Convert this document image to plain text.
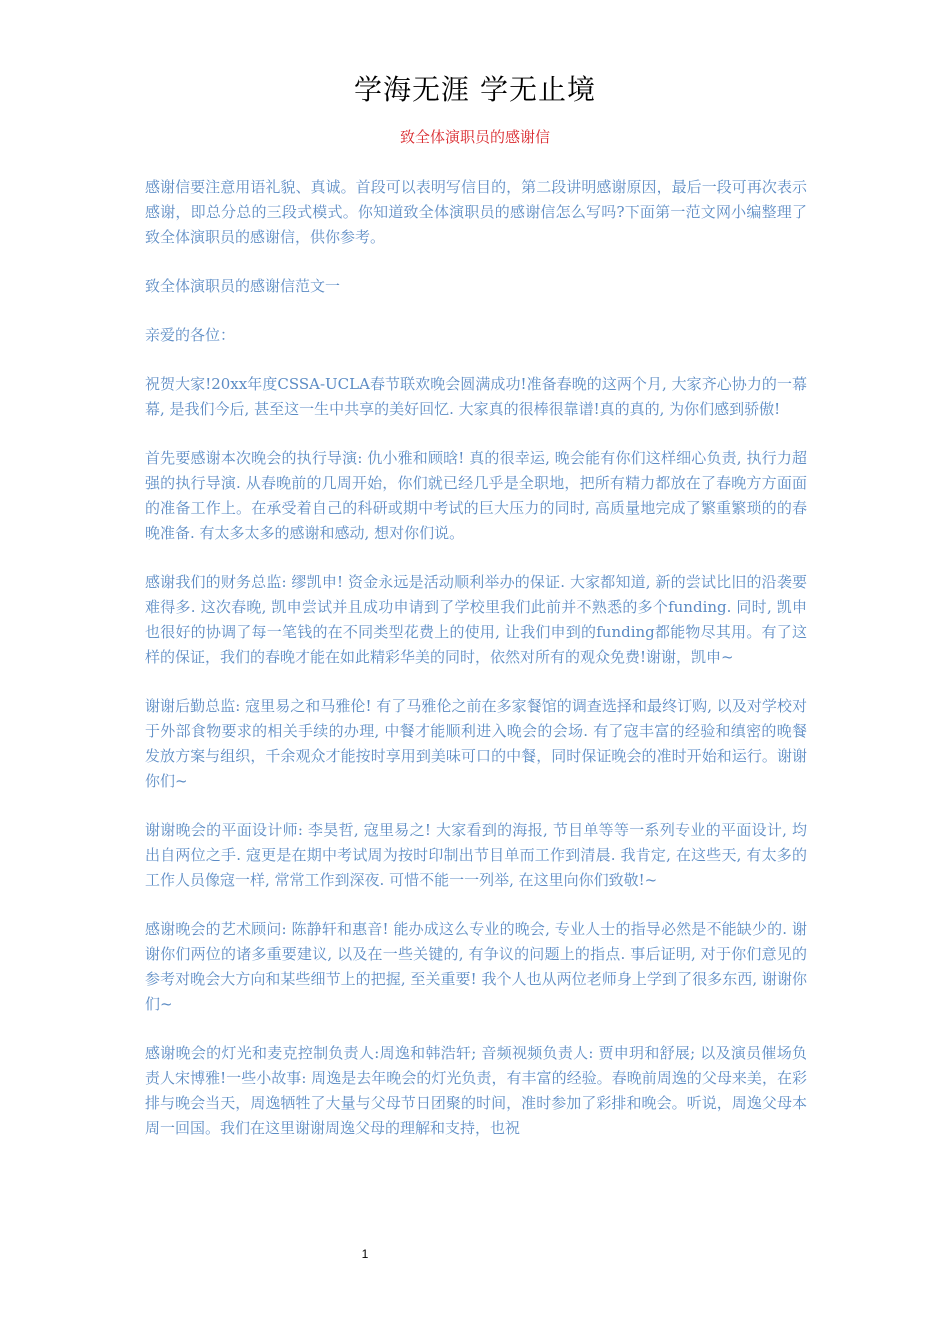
学海无涯 学无止境
致全体演职员的感谢信

感谢信要注意用语礼貌、真诚。首段可以表明写信目的，第二段讲明感谢原因，最后一段可再次表示感谢，即总分总的三段式模式。你知道致全体演职员的感谢信怎么写吗?下面第一范文网小编整理了致全体演职员的感谢信，供你参考。

致全体演职员的感谢信范文一

亲爱的各位：

祝贺大家!20xx年度CSSA-UCLA春节联欢晚会圆满成功!准备春晚的这两个月, 大家齐心协力的一幕幕, 是我们今后, 甚至这一生中共享的美好回忆. 大家真的很棒很靠谱!真的真的, 为你们感到骄傲!

首先要感谢本次晚会的执行导演: 仇小雅和顾晗! 真的很幸运, 晚会能有你们这样细心负责, 执行力超强的执行导演. 从春晚前的几周开始，你们就已经几乎是全职地，把所有精力都放在了春晚方方面面的准备工作上。在承受着自己的科研或期中考试的巨大压力的同时, 高质量地完成了繁重繁琐的的春晚准备. 有太多太多的感谢和感动, 想对你们说。

感谢我们的财务总监: 缪凯申! 资金永远是活动顺利举办的保证. 大家都知道, 新的尝试比旧的沿袭要难得多. 这次春晚, 凯申尝试并且成功申请到了学校里我们此前并不熟悉的多个funding. 同时, 凯申也很好的协调了每一笔钱的在不同类型花费上的使用, 让我们申到的funding都能物尽其用。有了这样的保证，我们的春晚才能在如此精彩华美的同时，依然对所有的观众免费!谢谢，凯申~

谢谢后勤总监: 寇里易之和马雅伦! 有了马雅伦之前在多家餐馆的调查选择和最终订购, 以及对学校对于外部食物要求的相关手续的办理, 中餐才能顺利进入晚会的会场. 有了寇丰富的经验和缜密的晚餐发放方案与组织，千余观众才能按时享用到美味可口的中餐，同时保证晚会的准时开始和运行。谢谢你们~

谢谢晚会的平面设计师: 李昊哲, 寇里易之! 大家看到的海报, 节目单等等一系列专业的平面设计, 均出自两位之手. 寇更是在期中考试周为按时印制出节目单而工作到清晨. 我肯定, 在这些天, 有太多的工作人员像寇一样, 常常工作到深夜. 可惜不能一一列举, 在这里向你们致敬!~

感谢晚会的艺术顾问: 陈静轩和惠音! 能办成这么专业的晚会, 专业人士的指导必然是不能缺少的. 谢谢你们两位的诸多重要建议, 以及在一些关键的, 有争议的问题上的指点. 事后证明, 对于你们意见的参考对晚会大方向和某些细节上的把握, 至关重要! 我个人也从两位老师身上学到了很多东西, 谢谢你们~

感谢晚会的灯光和麦克控制负责人:周逸和韩浩轩; 音频视频负责人: 贾申玥和舒展; 以及演员催场负责人宋博雅!一些小故事: 周逸是去年晚会的灯光负责，有丰富的经验。春晚前周逸的父母来美，在彩排与晚会当天，周逸牺牲了大量与父母节日团聚的时间，准时参加了彩排和晚会。听说，周逸父母本周一回国。我们在这里谢谢周逸父母的理解和支持，也祝

1
